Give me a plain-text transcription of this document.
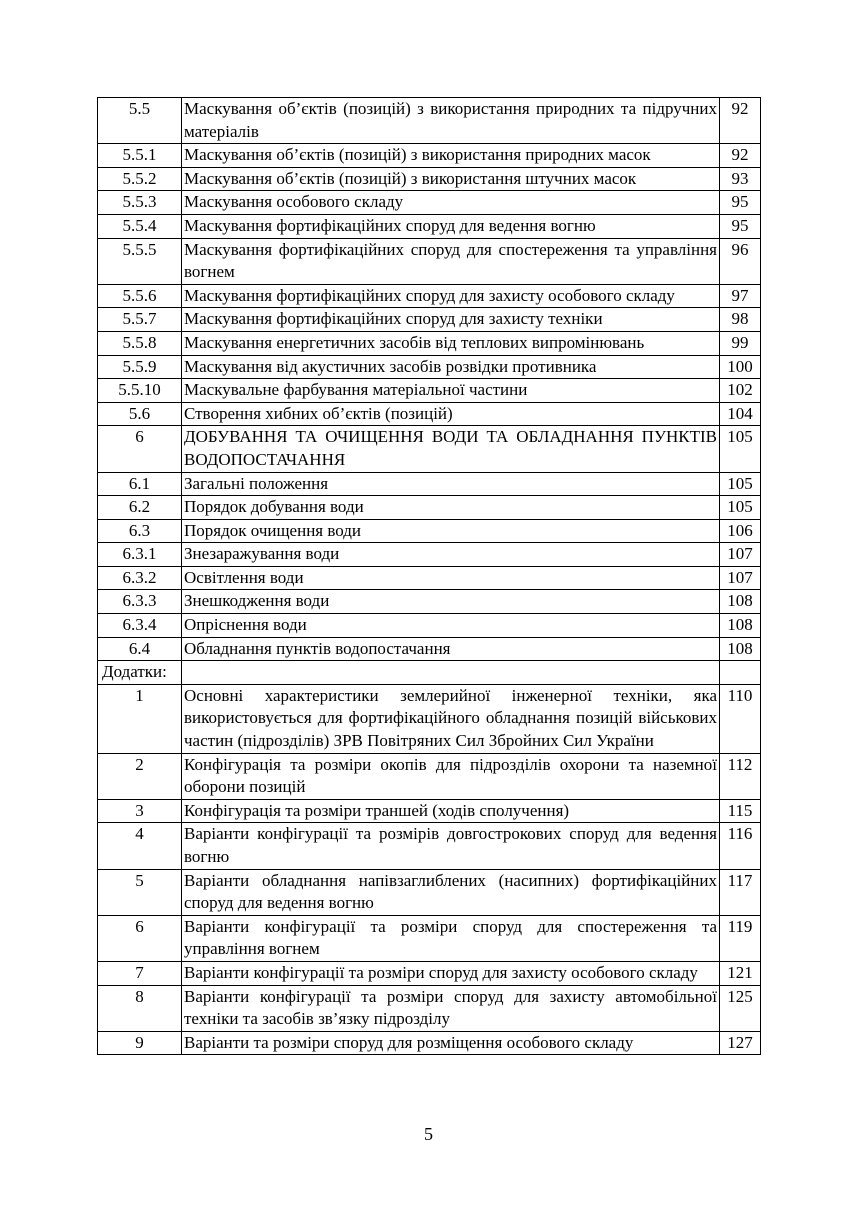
5.5	Маскування об’єктів (позицій) з використання природних та підручних матеріалів	92
5.5.1	Маскування об’єктів (позицій) з використання природних масок	92
5.5.2	Маскування об’єктів (позицій) з використання штучних масок	93
5.5.3	Маскування особового складу	95
5.5.4	Маскування фортифікаційних споруд для ведення вогню	95
5.5.5	Маскування фортифікаційних споруд для спостереження та управління вогнем	96
5.5.6	Маскування фортифікаційних споруд для захисту особового складу	97
5.5.7	Маскування фортифікаційних споруд для захисту техніки	98
5.5.8	Маскування енергетичних засобів від теплових випромінювань	99
5.5.9	Маскування від акустичних засобів розвідки противника	100
5.5.10	Маскувальне фарбування матеріальної частини	102
5.6	Створення хибних об’єктів (позицій)	104
6	ДОБУВАННЯ ТА ОЧИЩЕННЯ ВОДИ ТА ОБЛАДНАННЯ ПУНКТІВ ВОДОПОСТАЧАННЯ	105
6.1	Загальні положення	105
6.2	Порядок добування води	105
6.3	Порядок очищення води	106
6.3.1	Знезаражування води	107
6.3.2	Освітлення води	107
6.3.3	Знешкодження води	108
6.3.4	Опріснення води	108
6.4	Обладнання пунктів водопостачання	108
Додатки:		
1	Основні характеристики землерийної інженерної техніки, яка використовується для фортифікаційного обладнання позицій військових частин (підрозділів) ЗРВ Повітряних Сил Збройних Сил України	110
2	Конфігурація та розміри окопів для підрозділів охорони та наземної оборони позицій	112
3	Конфігурація та розміри траншей (ходів сполучення)	115
4	Варіанти конфігурації та розмірів довгострокових споруд для ведення вогню	116
5	Варіанти обладнання напівзаглиблених (насипних) фортифікаційних споруд для ведення вогню	117
6	Варіанти конфігурації та розміри споруд для спостереження та управління вогнем	119
7	Варіанти конфігурації та розміри споруд для захисту особового складу	121
8	Варіанти конфігурації та розміри споруд для захисту автомобільної техніки та засобів зв’язку підрозділу	125
9	Варіанти та розміри споруд для розміщення особового складу	127
5
